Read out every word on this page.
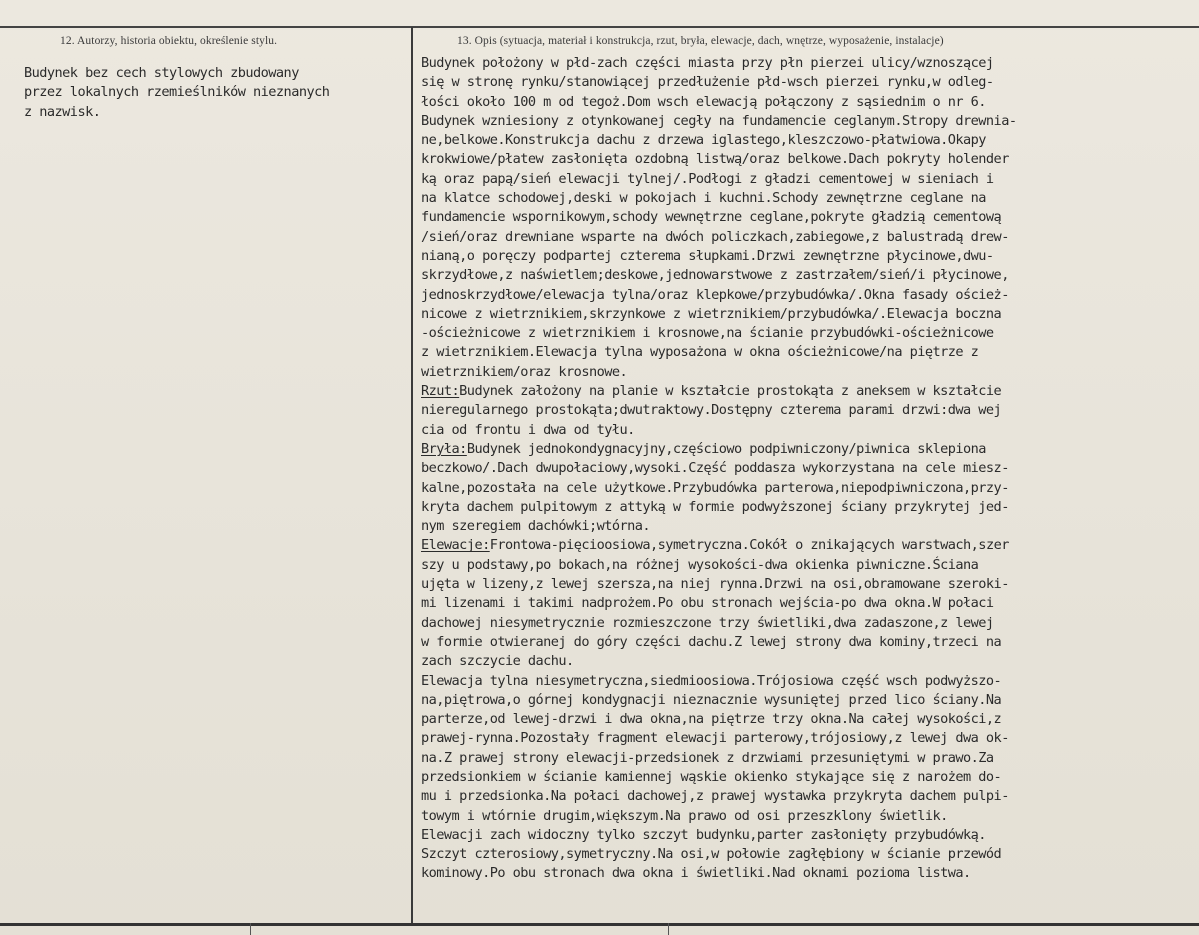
12. Autorzy, historia obiektu, określenie stylu.	13. Opis (sytuacja, materiał i konstrukcja, rzut, bryła, elewacje, dach, wnętrze, wyposażenie, instalacje)
Budynek bez cech stylowych zbudowany
przez lokalnych rzemieślników nieznanych
z nazwisk.
Budynek położony w płd-zach części miasta przy płn pierzei ulicy/wznoszącej
się w stronę rynku/stanowiącej przedłużenie płd-wsch pierzei rynku,w odleg-
łości około 100 m od tegoż.Dom wsch elewacją połączony z sąsiednim o nr 6.
Budynek wzniesiony z otynkowanej cegły na fundamencie ceglanym.Stropy drewnia-
ne,belkowe.Konstrukcja dachu z drzewa iglastego,kleszczowo-płatwiowa.Okapy
krokwiowe/płatew zasłonięta ozdobną listwą/oraz belkowe.Dach pokryty holender
ką oraz papą/sień elewacji tylnej/.Podłogi z gładzi cementowej w sieniach i
na klatce schodowej,deski w pokojach i kuchni.Schody zewnętrzne ceglane na
fundamencie wspornikowym,schody wewnętrzne ceglane,pokryte gładzią cementową
/sień/oraz drewniane wsparte na dwóch policzkach,zabiegowe,z balustradą drew-
nianą,o poręczy podpartej czterema słupkami.Drzwi zewnętrzne płycinowe,dwu-
skrzydłowe,z naświetlem;deskowe,jednowarstwowe z zastrzałem/sień/i płycinowe,
jednoskrzydłowe/elewacja tylna/oraz klepkowe/przybudówka/.Okna fasady oścież-
nicowe z wietrznikiem,skrzynkowe z wietrznikiem/przybudówka/.Elewacja boczna
-ościeżnicowe z wietrznikiem i krosnowe,na ścianie przybudówki-ościeżnicowe
z wietrznikiem.Elewacja tylna wyposażona w okna ościeżnicowe/na piętrze z
wietrznikiem/oraz krosnowe.
Rzut:Budynek założony na planie w kształcie prostokąta z aneksem w kształcie
nieregularnego prostokąta;dwutraktowy.Dostępny czterema parami drzwi:dwa wej
cia od frontu i dwa od tyłu.
Bryła:Budynek jednokondygnacyjny,częściowo podpiwniczony/piwnica sklepiona
beczkowo/.Dach dwupołaciowy,wysoki.Część poddasza wykorzystana na cele miesz-
kalne,pozostała na cele użytkowe.Przybudówka parterowa,niepodpiwniczona,przy-
kryta dachem pulpitowym z attyką w formie podwyższonej ściany przykrytej jed-
nym szeregiem dachówki;wtórna.
Elewacje:Frontowa-pięcioosiowa,symetryczna.Cokół o znikających warstwach,szer
szy u podstawy,po bokach,na różnej wysokości-dwa okienka piwniczne.Ściana
ujęta w lizeny,z lewej szersza,na niej rynna.Drzwi na osi,obramowane szeroki-
mi lizenami i takimi nadprożem.Po obu stronach wejścia-po dwa okna.W połaci
dachowej niesymetrycznie rozmieszczone trzy świetliki,dwa zadaszone,z lewej
w formie otwieranej do góry części dachu.Z lewej strony dwa kominy,trzeci na
zach szczycie dachu.
Elewacja tylna niesymetryczna,siedmioosiowa.Trójosiowa część wsch podwyższo-
na,piętrowa,o górnej kondygnacji nieznacznie wysuniętej przed lico ściany.Na
parterze,od lewej-drzwi i dwa okna,na piętrze trzy okna.Na całej wysokości,z
prawej-rynna.Pozostały fragment elewacji parterowy,trójosiowy,z lewej dwa ok-
na.Z prawej strony elewacji-przedsionek z drzwiami przesuniętymi w prawo.Za
przedsionkiem w ścianie kamiennej wąskie okienko stykające się z narożem do-
mu i przedsionka.Na połaci dachowej,z prawej wystawka przykryta dachem pulpi-
towym i wtórnie drugim,większym.Na prawo od osi przeszklony świetlik.
Elewacji zach widoczny tylko szczyt budynku,parter zasłonięty przybudówką.
Szczyt czterosiowy,symetryczny.Na osi,w połowie zagłębiony w ścianie przewód
kominowy.Po obu stronach dwa okna i świetliki.Nad oknami pozioma listwa.
